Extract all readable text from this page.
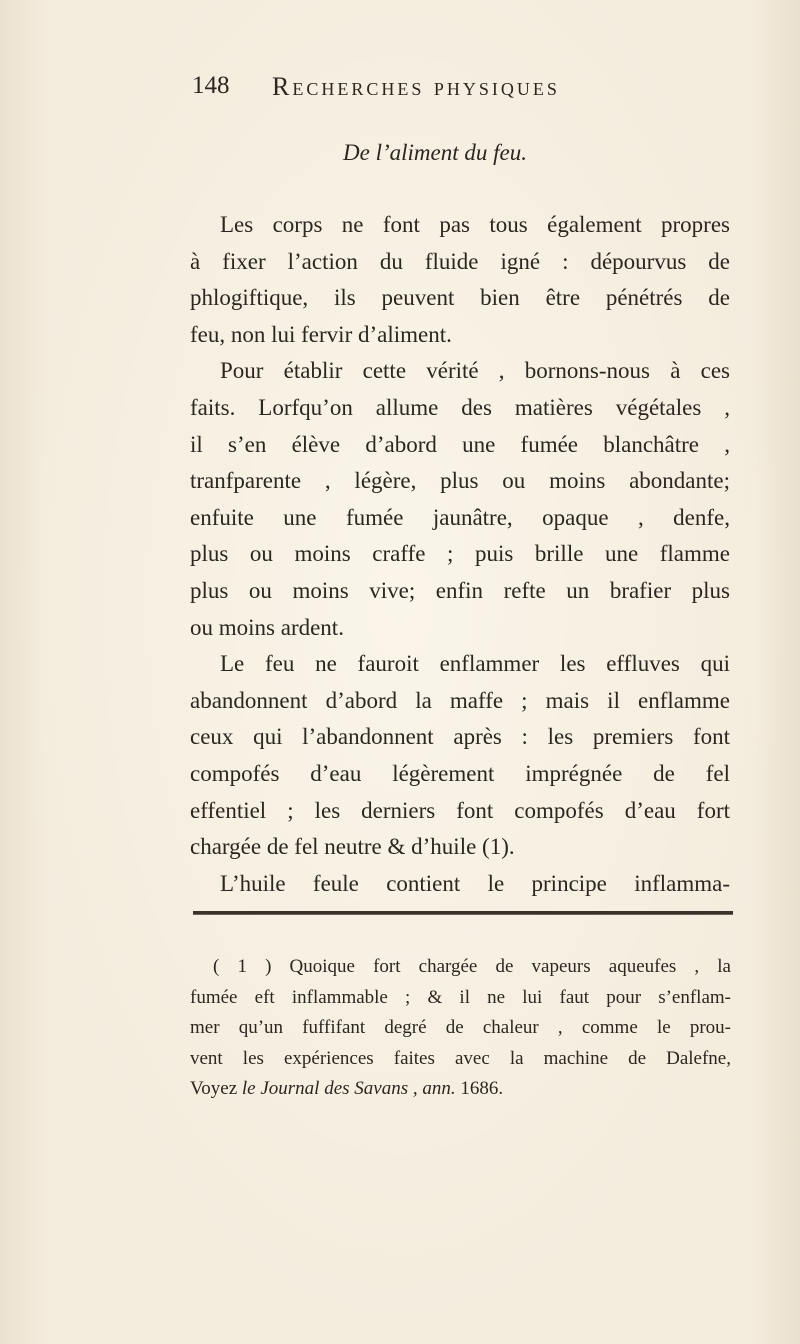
148 Recherches physiques
De l’aliment du feu.
Les corps ne font pas tous également propres
à fixer l’action du fluide igné : dépourvus de
phlogiftique, ils peuvent bien être pénétrés de
feu, non lui fervir d’aliment.
Pour établir cette vérité , bornons-nous à ces
faits. Lorfqu’on allume des matières végétales ,
il s’en élève d’abord une fumée blanchâtre ,
tranfparente , légère, plus ou moins abondante;
enfuite une fumée jaunâtre, opaque , denfe,
plus ou moins craffe ; puis brille une flamme
plus ou moins vive; enfin refte un brafier plus
ou moins ardent.
Le feu ne fauroit enflammer les effluves qui
abandonnent d’abord la maffe ; mais il enflamme
ceux qui l’abandonnent après : les premiers font
compofés d’eau légèrement imprégnée de fel
effentiel ; les derniers font compofés d’eau fort
chargée de fel neutre & d’huile (1).
L’huile feule contient le principe inflamma-
( 1 ) Quoique fort chargée de vapeurs aqueufes , la
fumée eft inflammable ; & il ne lui faut pour s’enflam-
mer qu’un fuffifant degré de chaleur , comme le prou-
vent les expériences faites avec la machine de Dalefne,
Voyez le Journal des Savans , ann. 1686.
